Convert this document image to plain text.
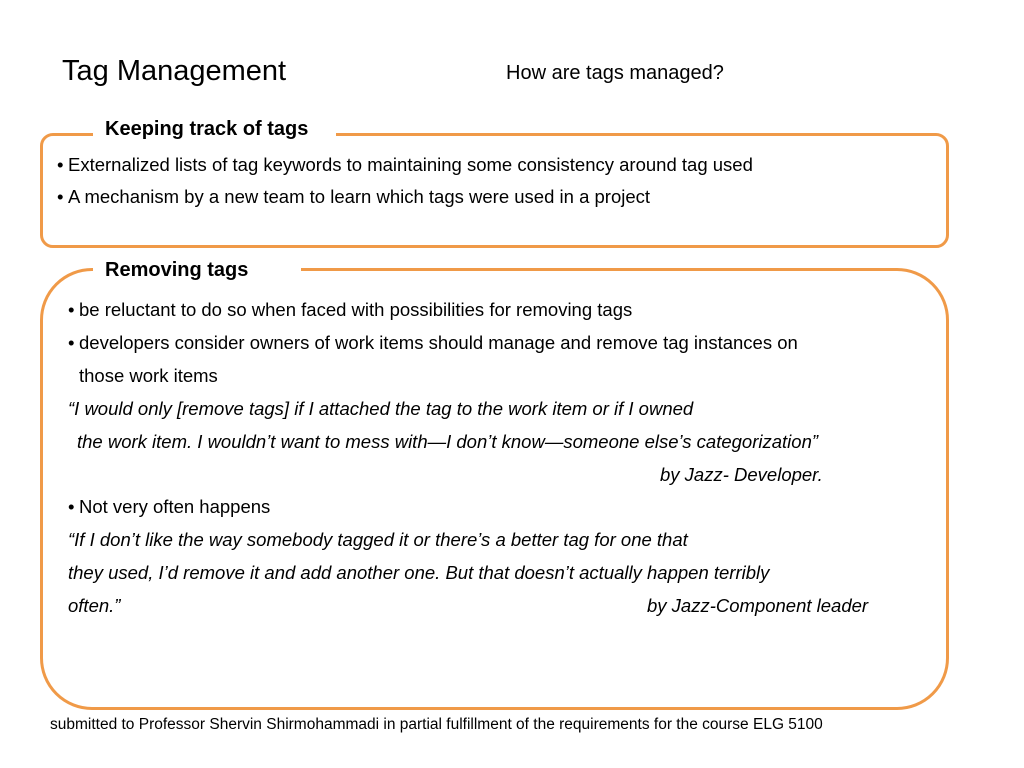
Tag Management	How are tags managed?
Keeping track of tags
• Externalized lists of tag keywords to maintaining some consistency around tag used
• A mechanism by a new team to learn which tags were used in a project
Removing tags
• be reluctant to do so when faced with possibilities for removing tags
• developers consider owners of work items should manage and remove tag instances on
those work items
“I would only [remove tags] if I attached the tag to the work item or if I owned
the work item. I wouldn’t want to mess with—I don’t know—someone else’s categorization”
by Jazz- Developer.
• Not very often happens
“If I don’t like the way somebody tagged it or there’s a better tag for one that
they used, I’d remove it and add another one. But that doesn’t actually happen terribly
often.”	by Jazz-Component leader
submitted to Professor Shervin Shirmohammadi in partial fulfillment of the requirements for the course ELG 5100
